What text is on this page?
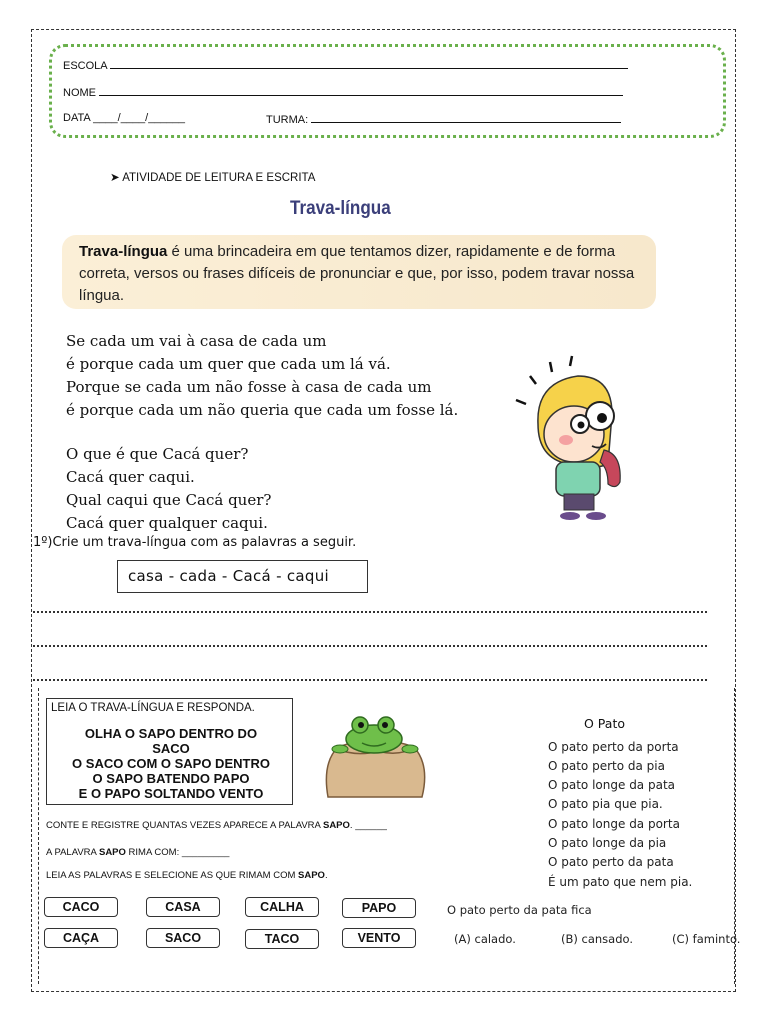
ESCOLA
NOME
DATA ____/____/______	TURMA:
➤ ATIVIDADE DE LEITURA E ESCRITA
Trava-língua
Trava-língua é uma brincadeira em que tentamos dizer, rapidamente e de forma correta, versos ou frases difíceis de pronunciar e que, por isso, podem travar nossa língua.
Se cada um vai à casa de cada um
é porque cada um quer que cada um lá vá.
Porque se cada um não fosse à casa de cada um
é porque cada um não queria que cada um fosse lá.
O que é que Cacá quer?
Cacá quer caqui.
Qual caqui que Cacá quer?
Cacá quer qualquer caqui.
1º)Crie um trava-língua com as palavras a seguir.
casa - cada - Cacá - caqui
LEIA O TRAVA-LÍNGUA E RESPONDA.
OLHA O SAPO DENTRO DO
SACO
O SACO COM O SAPO DENTRO
O SAPO BATENDO PAPO
E O PAPO SOLTANDO VENTO
CONTE E REGISTRE QUANTAS VEZES APARECE A PALAVRA SAPO. ______
A PALAVRA SAPO RIMA COM: _________
LEIA AS PALAVRAS E SELECIONE AS QUE RIMAM COM SAPO.
CACO	CASA	CALHA	PAPO
CAÇA	SACO	TACO	VENTO
O Pato
O pato perto da porta
O pato perto da pia
O pato longe da pata
O pato pia que pia.
O pato longe da porta
O pato longe da pia
O pato perto da pata
É um pato que nem pia.
O pato perto da pata fica
(A) calado.	(B) cansado.	(C) faminto.
